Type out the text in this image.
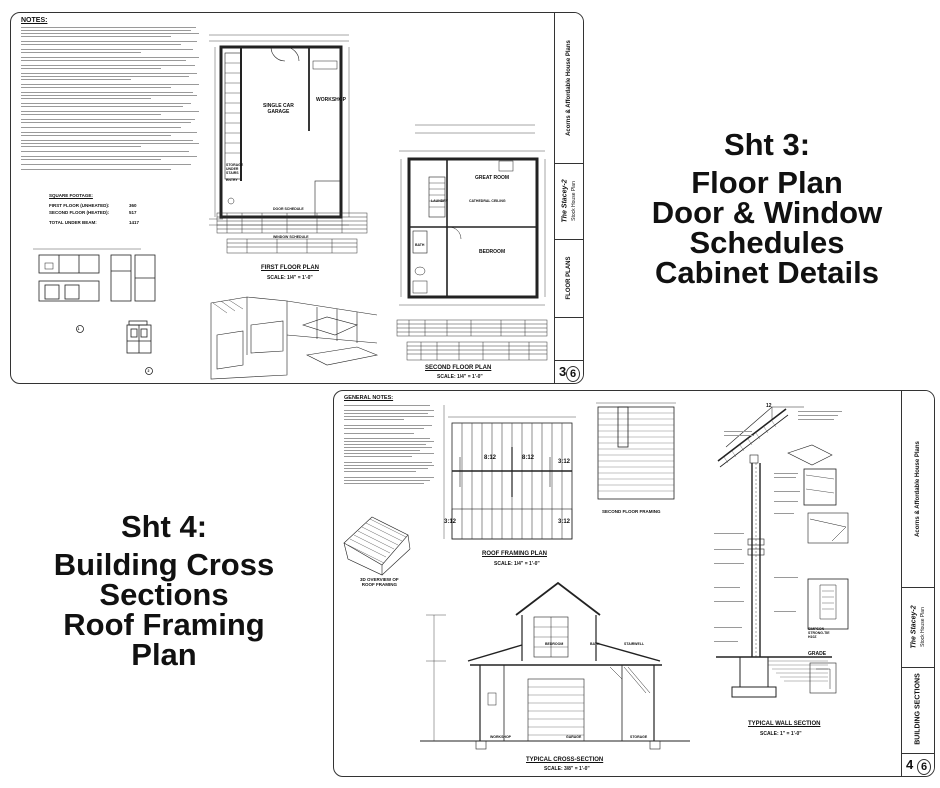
NOTES:
SQUARE FOOTAGE:
FIRST FLOOR (UNHEATED):	360
SECOND FLOOR (HEATED):	517
TOTAL UNDER BEAM:	1417
1
2
SINGLE CAR
GARAGE
WORKSHOP
STORAGE
UNDER
STAIRS
ENTRY
DOOR SCHEDULE
WINDOW SCHEDULE
FIRST FLOOR PLAN
SCALE: 1/4" = 1'-0"
GREAT ROOM
CATHEDRAL CEILING
BEDROOM
BATH
LAUNDRY
SECOND FLOOR PLAN
SCALE: 1/4" = 1'-0"
Acorns & Affordable House Plans
The Stacey-2 Stock House Plan
FLOOR PLANS
3 6
Sht 3:
Floor Plan
Door & Window
Schedules
Cabinet Details
Sht 4:
Building Cross
Sections
Roof Framing
Plan
GENERAL NOTES:
3D OVERVIEW OF
ROOF FRAMING
8:12	8:12
3:12
3:12	3:12
ROOF FRAMING PLAN
SCALE: 1/4" = 1'-0"
SECOND FLOOR FRAMING
BEDROOM	BATH	STAIRWELL
WORKSHOP	GARAGE	STORAGE
TYPICAL CROSS-SECTION
SCALE: 3/8" = 1'-0"
12
SIMPSON
STRONG-TIE
H10Z
GRADE
TYPICAL WALL SECTION
SCALE: 1" = 1'-0"
Acorns & Affordable House Plans
The Stacey-2 Stock House Plan
BUILDING SECTIONS
4 6
